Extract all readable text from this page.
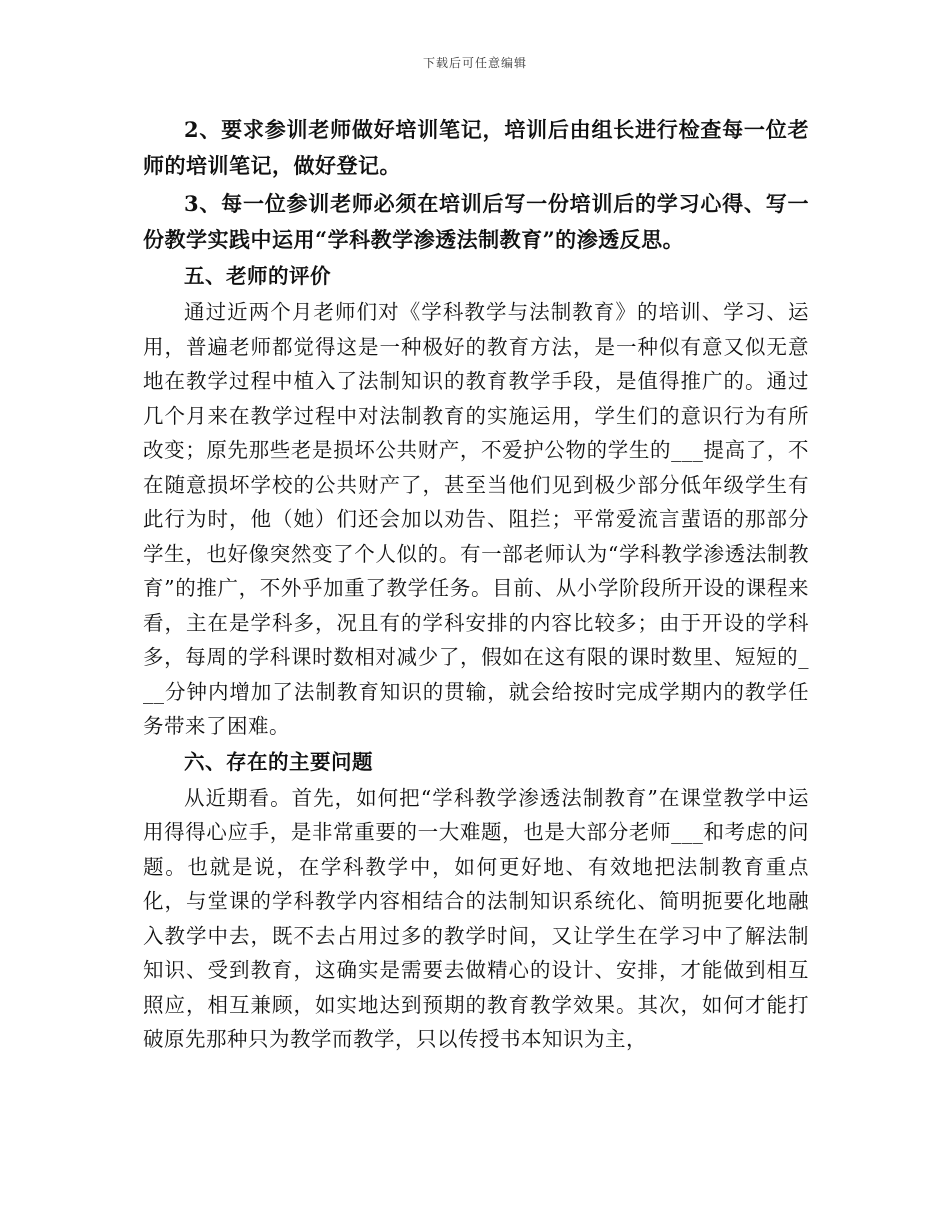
下载后可任意编辑

2、要求参训老师做好培训笔记，培训后由组长进行检查每一位老师的培训笔记，做好登记。

3、每一位参训老师必须在培训后写一份培训后的学习心得、写一份教学实践中运用“学科教学渗透法制教育”的渗透反思。

五、老师的评价

通过近两个月老师们对《学科教学与法制教育》的培训、学习、运用，普遍老师都觉得这是一种极好的教育方法，是一种似有意又似无意地在教学过程中植入了法制知识的教育教学手段，是值得推广的。通过几个月来在教学过程中对法制教育的实施运用，学生们的意识行为有所改变；原先那些老是损坏公共财产，不爱护公物的学生的___提高了，不在随意损坏学校的公共财产了，甚至当他们见到极少部分低年级学生有此行为时，他（她）们还会加以劝告、阻拦；平常爱流言蜚语的那部分学生，也好像突然变了个人似的。有一部老师认为“学科教学渗透法制教育”的推广，不外乎加重了教学任务。目前、从小学阶段所开设的课程来看，主在是学科多，况且有的学科安排的内容比较多；由于开设的学科多，每周的学科课时数相对减少了，假如在这有限的课时数里、短短的___分钟内增加了法制教育知识的贯输，就会给按时完成学期内的教学任务带来了困难。

六、存在的主要问题

从近期看。首先，如何把“学科教学渗透法制教育”在课堂教学中运用得得心应手，是非常重要的一大难题，也是大部分老师___和考虑的问题。也就是说，在学科教学中，如何更好地、有效地把法制教育重点化，与堂课的学科教学内容相结合的法制知识系统化、简明扼要化地融入教学中去，既不去占用过多的教学时间，又让学生在学习中了解法制知识、受到教育，这确实是需要去做精心的设计、安排，才能做到相互照应，相互兼顾，如实地达到预期的教育教学效果。其次，如何才能打破原先那种只为教学而教学，只以传授书本知识为主，
